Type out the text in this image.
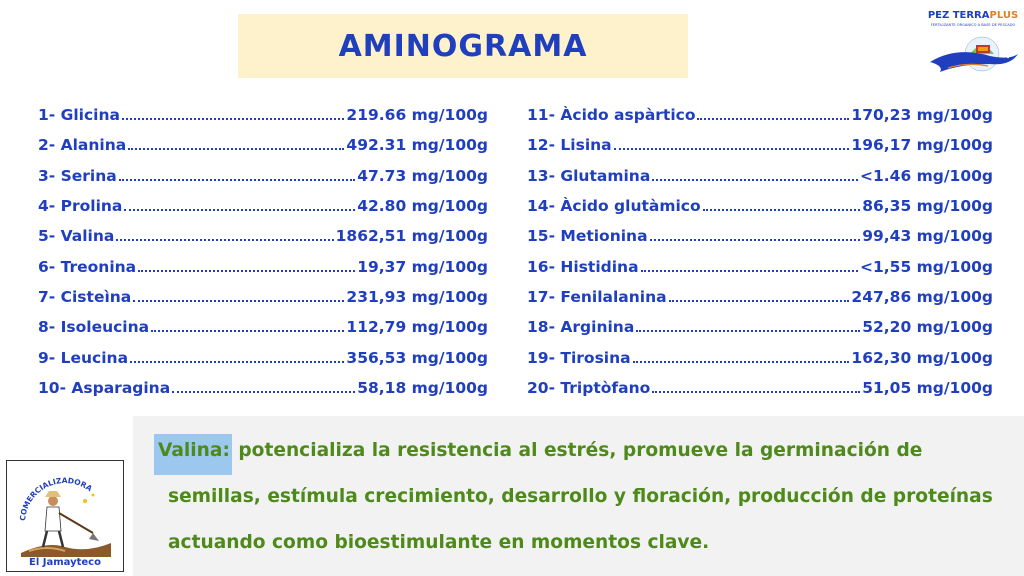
AMINOGRAMA
PEZ TERRAPLUS
FERTILIZANTE ORGANICO A BASE DE PESCADO
1- Glicina	219.66 mg/100g
2- Alanina	492.31 mg/100g
3- Serina	47.73 mg/100g
4- Prolina	42.80 mg/100g
5- Valina	1862,51 mg/100g
6- Treonina	19,37 mg/100g
7- Cisteìna	231,93 mg/100g
8- Isoleucina	112,79 mg/100g
9- Leucina	356,53 mg/100g
10- Asparagina	58,18 mg/100g
11- Àcido aspàrtico	170,23 mg/100g
12- Lisina	196,17 mg/100g
13- Glutamina	<1.46 mg/100g
14- Àcido glutàmico	86,35 mg/100g
15- Metionina	99,43 mg/100g
16- Histidina	<1,55 mg/100g
17- Fenilalanina	247,86 mg/100g
18- Arginina	52,20 mg/100g
19- Tirosina	162,30 mg/100g
20- Triptòfano	51,05 mg/100g
Valina: potencializa la resistencia al estrés, promueve la germinación de semillas, estímula crecimiento, desarrollo y floración, producción de proteínas actuando como bioestimulante en momentos clave.
COMERCIALIZADORA
El Jamayteco
